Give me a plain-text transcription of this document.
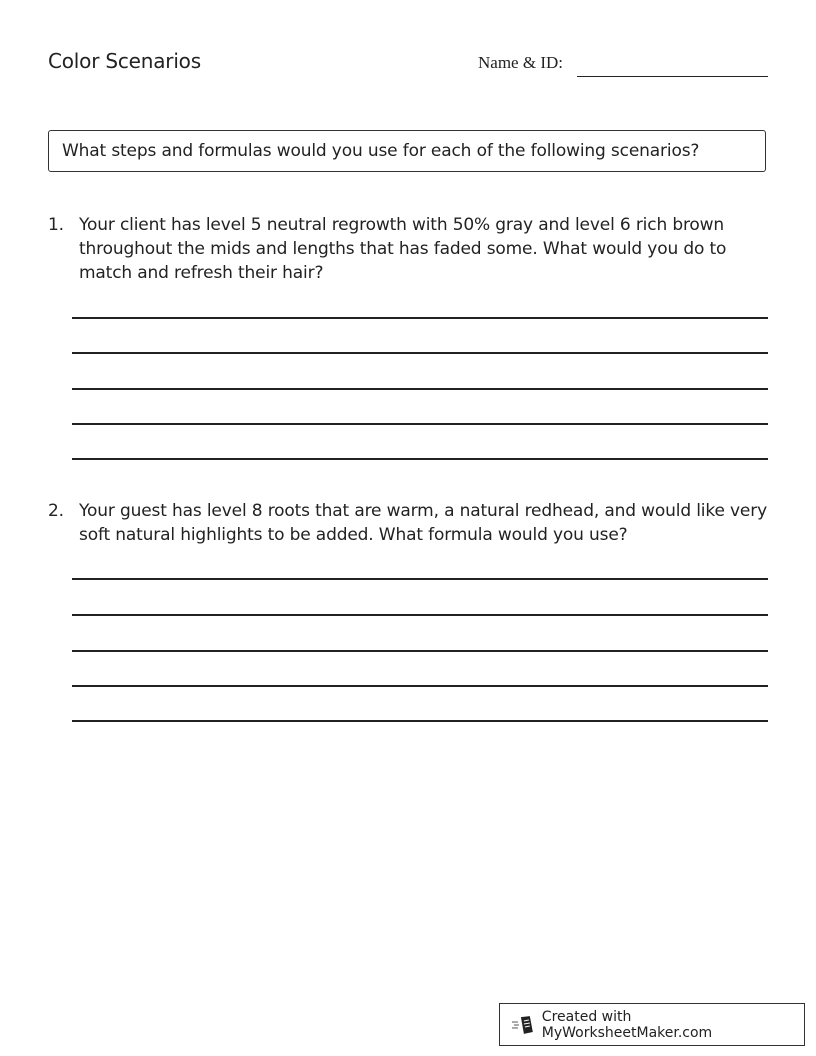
Color Scenarios	Name & ID:
What steps and formulas would you use for each of the following scenarios?
1. Your client has level 5 neutral regrowth with 50% gray and level 6 rich brown throughout the mids and lengths that has faded some. What would you do to match and refresh their hair?
2. Your guest has level 8 roots that are warm, a natural redhead, and would like very soft natural highlights to be added. What formula would you use?
Created with MyWorksheetMaker.com
